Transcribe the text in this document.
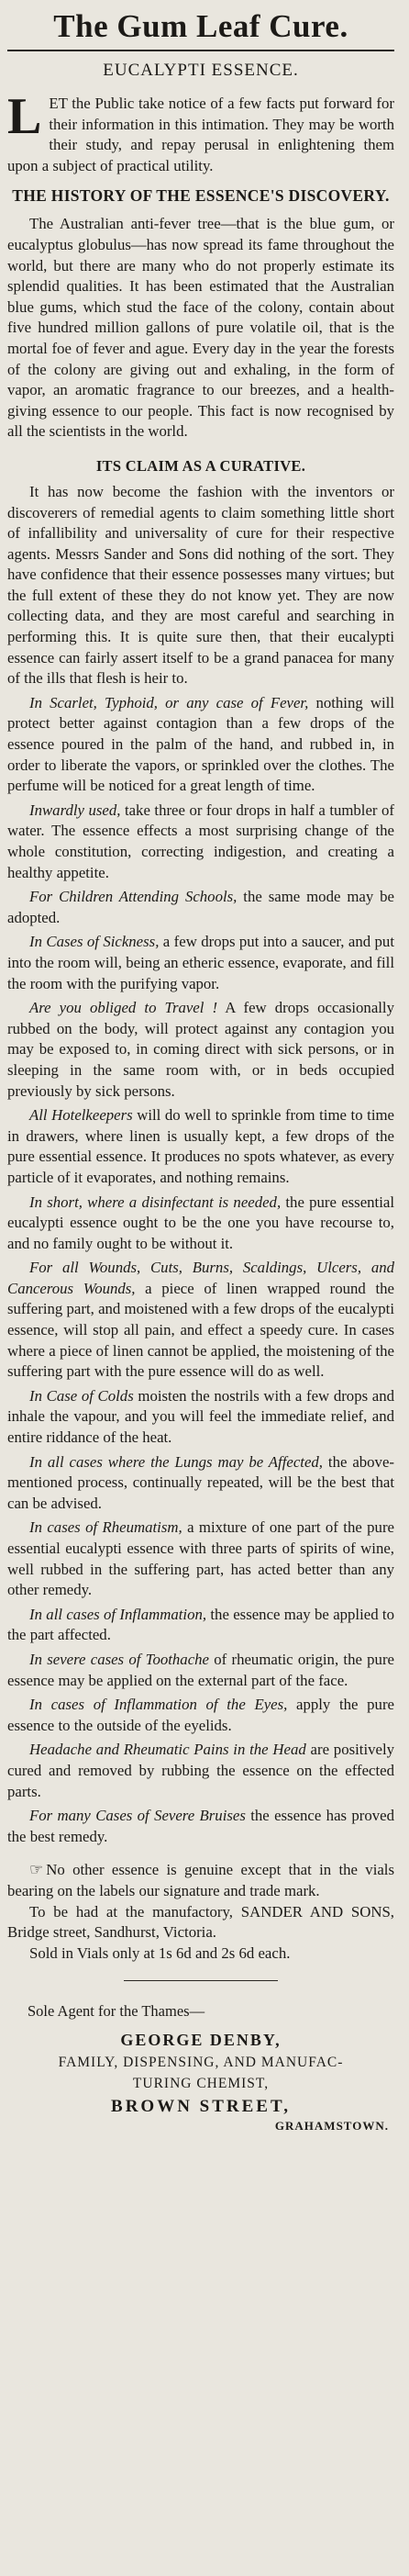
The Gum Leaf Cure.
EUCALYPTI ESSENCE.

LET the Public take notice of a few facts put forward for their information in this intimation. They may be worth their study, and repay perusal in enlightening them upon a subject of practical utility.

THE HISTORY OF THE ESSENCE'S DISCOVERY.

The Australian anti-fever tree—that is the blue gum, or eucalyptus globulus—has now spread its fame throughout the world, but there are many who do not properly estimate its splendid qualities. It has been estimated that the Australian blue gums, which stud the face of the colony, contain about five hundred million gallons of pure volatile oil, that is the mortal foe of fever and ague. Every day in the year the forests of the colony are giving out and exhaling, in the form of vapor, an aromatic fragrance to our breezes, and a health-giving essence to our people. This fact is now recognised by all the scientists in the world.

ITS CLAIM AS A CURATIVE.

It has now become the fashion with the inventors or discoverers of remedial agents to claim something little short of infallibility and universality of cure for their respective agents. Messrs Sander and Sons did nothing of the sort. They have confidence that their essence possesses many virtues; but the full extent of these they do not know yet. They are now collecting data, and they are most careful and searching in performing this. It is quite sure then, that their eucalypti essence can fairly assert itself to be a grand panacea for many of the ills that flesh is heir to.

In Scarlet, Typhoid, or any case of Fever, nothing will protect better against contagion than a few drops of the essence poured in the palm of the hand, and rubbed in, in order to liberate the vapors, or sprinkled over the clothes. The perfume will be noticed for a great length of time.

Inwardly used, take three or four drops in half a tumbler of water. The essence effects a most surprising change of the whole constitution, correcting indigestion, and creating a healthy appetite.

For Children Attending Schools, the same mode may be adopted.

In Cases of Sickness, a few drops put into a saucer, and put into the room will, being an etheric essence, evaporate, and fill the room with the purifying vapor.

Are you obliged to Travel ! A few drops occasionally rubbed on the body, will protect against any contagion you may be exposed to, in coming direct with sick persons, or in sleeping in the same room with, or in beds occupied previously by sick persons.

All Hotelkeepers will do well to sprinkle from time to time in drawers, where linen is usually kept, a few drops of the pure essential essence. It produces no spots whatever, as every particle of it evaporates, and nothing remains.

In short, where a disinfectant is needed, the pure essential eucalypti essence ought to be the one you have recourse to, and no family ought to be without it.

For all Wounds, Cuts, Burns, Scaldings, Ulcers, and Cancerous Wounds, a piece of linen wrapped round the suffering part, and moistened with a few drops of the eucalypti essence, will stop all pain, and effect a speedy cure. In cases where a piece of linen cannot be applied, the moistening of the suffering part with the pure essence will do as well.

In Case of Colds moisten the nostrils with a few drops and inhale the vapour, and you will feel the immediate relief, and entire riddance of the heat.

In all cases where the Lungs may be Affected, the above-mentioned process, continually repeated, will be the best that can be advised.

In cases of Rheumatism, a mixture of one part of the pure essential eucalypti essence with three parts of spirits of wine, well rubbed in the suffering part, has acted better than any other remedy.

In all cases of Inflammation, the essence may be applied to the part affected.

In severe cases of Toothache of rheumatic origin, the pure essence may be applied on the external part of the face.

In cases of Inflammation of the Eyes, apply the pure essence to the outside of the eyelids.

Headache and Rheumatic Pains in the Head are positively cured and removed by rubbing the essence on the effected parts.

For many Cases of Severe Bruises the essence has proved the best remedy.

☞ No other essence is genuine except that in the vials bearing on the labels our signature and trade mark.

To be had at the manufactory, SANDER AND SONS, Bridge street, Sandhurst, Victoria.

Sold in Vials only at 1s 6d and 2s 6d each.

Sole Agent for the Thames—
GEORGE DENBY,
FAMILY, DISPENSING, AND MANUFAC-
TURING CHEMIST,
BROWN STREET,
GRAHAMSTOWN.
